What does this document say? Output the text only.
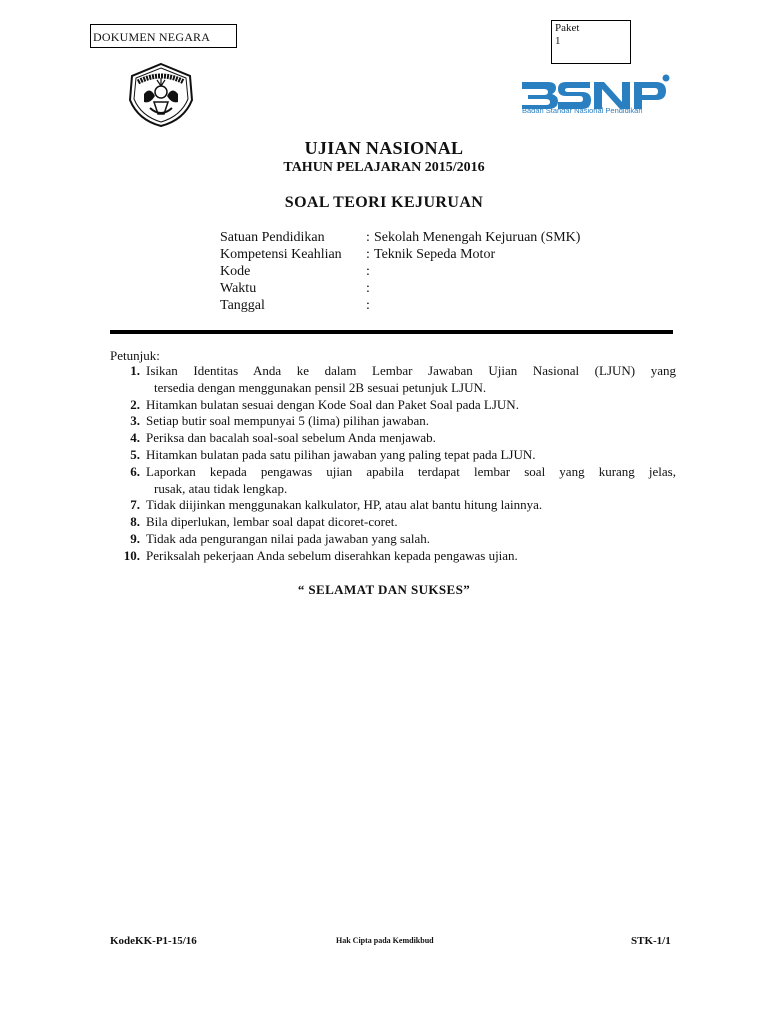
DOKUMEN NEGARA
Paket
1
Badan Standar Nasional Pendidikan
UJIAN NASIONAL
TAHUN PELAJARAN 2015/2016
SOAL TEORI KEJURUAN
Satuan Pendidikan	: Sekolah Menengah Kejuruan (SMK)
Kompetensi Keahlian	: Teknik Sepeda Motor
Kode	:
Waktu	:
Tanggal	:
Petunjuk:
1. Isikan Identitas Anda ke dalam Lembar Jawaban Ujian Nasional (LJUN) yang
tersedia dengan menggunakan pensil 2B sesuai petunjuk LJUN.
2. Hitamkan bulatan sesuai dengan Kode Soal dan Paket Soal pada LJUN.
3. Setiap butir soal mempunyai 5 (lima) pilihan jawaban.
4. Periksa dan bacalah soal-soal sebelum Anda menjawab.
5. Hitamkan bulatan pada satu pilihan jawaban yang paling tepat pada LJUN.
6. Laporkan kepada pengawas ujian apabila terdapat lembar soal yang kurang jelas,
rusak, atau tidak lengkap.
7. Tidak diijinkan menggunakan kalkulator, HP, atau alat bantu hitung lainnya.
8. Bila diperlukan, lembar soal dapat dicoret-coret.
9. Tidak ada pengurangan nilai pada jawaban yang salah.
10. Periksalah pekerjaan Anda sebelum diserahkan kepada pengawas ujian.
“ SELAMAT DAN SUKSES”
KodeKK-P1-15/16	Hak Cipta pada Kemdikbud	STK-1/1
